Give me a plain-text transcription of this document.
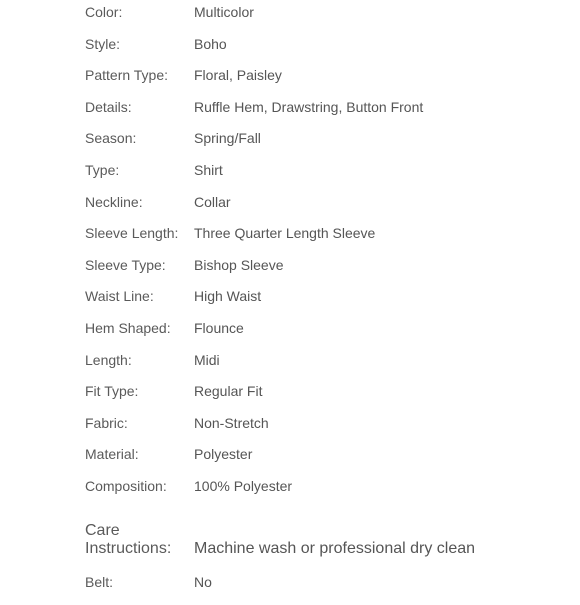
Color:	Multicolor
Style:	Boho
Pattern Type:	Floral, Paisley
Details:	Ruffle Hem, Drawstring, Button Front
Season:	Spring/Fall
Type:	Shirt
Neckline:	Collar
Sleeve Length:	Three Quarter Length Sleeve
Sleeve Type:	Bishop Sleeve
Waist Line:	High Waist
Hem Shaped:	Flounce
Length:	Midi
Fit Type:	Regular Fit
Fabric:	Non-Stretch
Material:	Polyester
Composition:	100% Polyester
Care Instructions:	Machine wash or professional dry clean
Belt:	No
